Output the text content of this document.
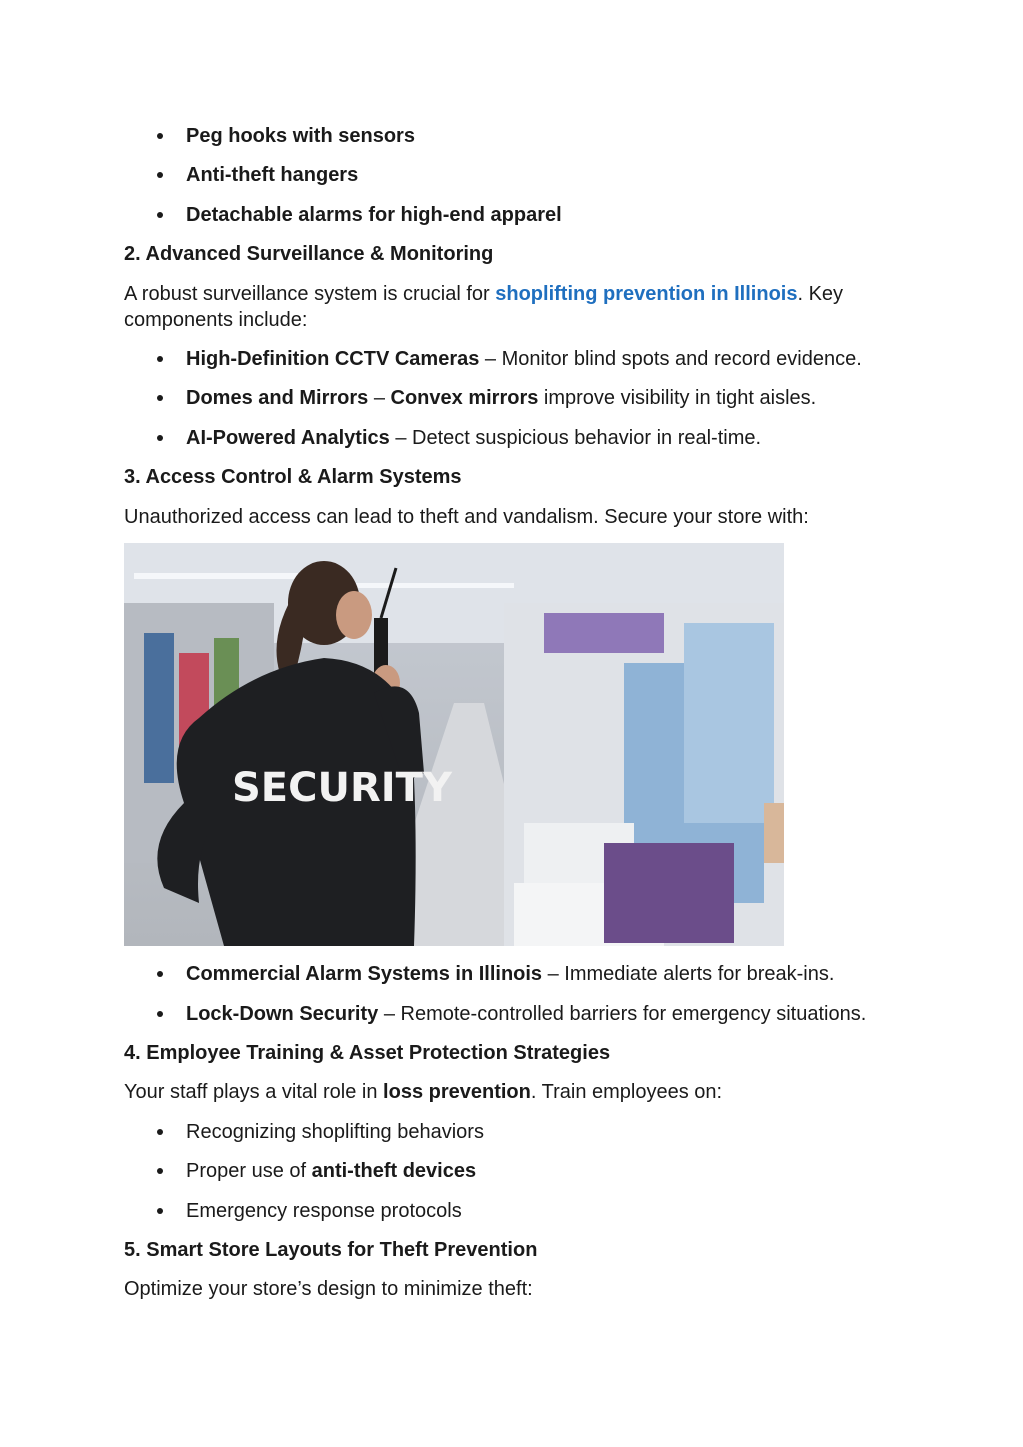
Peg hooks with sensors
Anti-theft hangers
Detachable alarms for high-end apparel
2. Advanced Surveillance & Monitoring
A robust surveillance system is crucial for shoplifting prevention in Illinois. Key
components include:
High-Definition CCTV Cameras – Monitor blind spots and record evidence.
Domes and Mirrors – Convex mirrors improve visibility in tight aisles.
AI-Powered Analytics – Detect suspicious behavior in real-time.
3. Access Control & Alarm Systems
Unauthorized access can lead to theft and vandalism. Secure your store with:
SECURITY
Commercial Alarm Systems in Illinois – Immediate alerts for break-ins.
Lock-Down Security – Remote-controlled barriers for emergency situations.
4. Employee Training & Asset Protection Strategies
Your staff plays a vital role in loss prevention. Train employees on:
Recognizing shoplifting behaviors
Proper use of anti-theft devices
Emergency response protocols
5. Smart Store Layouts for Theft Prevention
Optimize your store’s design to minimize theft:
